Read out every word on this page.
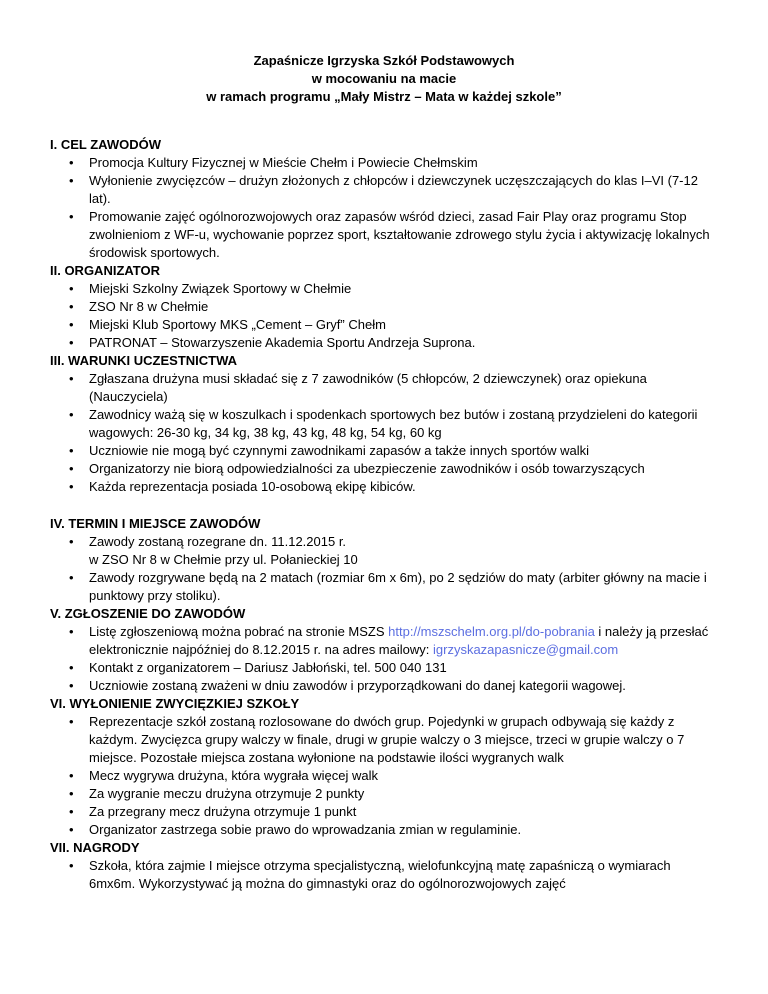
Zapaśnicze Igrzyska Szkół Podstawowych
w mocowaniu na macie
w ramach programu „Mały Mistrz – Mata w każdej szkole”
I. CEL ZAWODÓW
• Promocja Kultury Fizycznej w Mieście Chełm i Powiecie Chełmskim
• Wyłonienie zwycięzców – drużyn złożonych z chłopców i dziewczynek uczęszczających do klas I–VI (7-12 lat).
• Promowanie zajęć ogólnorozwojowych oraz zapasów wśród dzieci, zasad Fair Play oraz programu Stop zwolnieniom z WF-u, wychowanie poprzez sport, kształtowanie zdrowego stylu życia i aktywizację lokalnych środowisk sportowych.
II. ORGANIZATOR
• Miejski Szkolny Związek Sportowy w Chełmie
• ZSO Nr 8 w Chełmie
• Miejski Klub Sportowy MKS „Cement – Gryf” Chełm
• PATRONAT – Stowarzyszenie Akademia Sportu Andrzeja Suprona.
III. WARUNKI UCZESTNICTWA
• Zgłaszana drużyna musi składać się z 7 zawodników (5 chłopców, 2 dziewczynek) oraz opiekuna (Nauczyciela)
• Zawodnicy ważą się w koszulkach i spodenkach sportowych bez butów i zostaną przydzieleni do kategorii wagowych: 26-30 kg, 34 kg, 38 kg, 43 kg, 48 kg, 54 kg, 60 kg
• Uczniowie nie mogą być czynnymi zawodnikami zapasów a także innych sportów walki
• Organizatorzy nie biorą odpowiedzialności za ubezpieczenie zawodników i osób towarzyszących
• Każda reprezentacja posiada 10-osobową ekipę kibiców.
IV. TERMIN I MIEJSCE ZAWODÓW
• Zawody zostaną rozegrane dn. 11.12.2015 r.
w ZSO Nr 8 w Chełmie przy ul. Połanieckiej 10
• Zawody rozgrywane będą na 2 matach (rozmiar 6m x 6m), po 2 sędziów do maty (arbiter główny na macie i punktowy przy stoliku).
V. ZGŁOSZENIE DO ZAWODÓW
• Listę zgłoszeniową można pobrać na stronie MSZS http://mszschelm.org.pl/do-pobrania i należy ją przesłać elektronicznie najpóźniej do 8.12.2015 r. na adres mailowy: igrzyskazapasnicze@gmail.com
• Kontakt z organizatorem – Dariusz Jabłoński, tel. 500 040 131
• Uczniowie zostaną zważeni w dniu zawodów i przyporządkowani do danej kategorii wagowej.
VI. WYŁONIENIE ZWYCIĘZKIEJ SZKOŁY
• Reprezentacje szkół zostaną rozlosowane do dwóch grup. Pojedynki w grupach odbywają się każdy z każdym. Zwycięzca grupy walczy w finale, drugi w grupie walczy o 3 miejsce, trzeci w grupie walczy o 7 miejsce. Pozostałe miejsca zostana wyłonione na podstawie ilości wygranych walk
• Mecz wygrywa drużyna, która wygrała więcej walk
• Za wygranie meczu drużyna otrzymuje 2 punkty
• Za przegrany mecz drużyna otrzymuje 1 punkt
• Organizator zastrzega sobie prawo do wprowadzania zmian w regulaminie.
VII. NAGRODY
• Szkoła, która zajmie I miejsce otrzyma specjalistyczną, wielofunkcyjną matę zapaśniczą o wymiarach 6mx6m. Wykorzystywać ją można do gimnastyki oraz do ogólnorozwojowych zajęć
